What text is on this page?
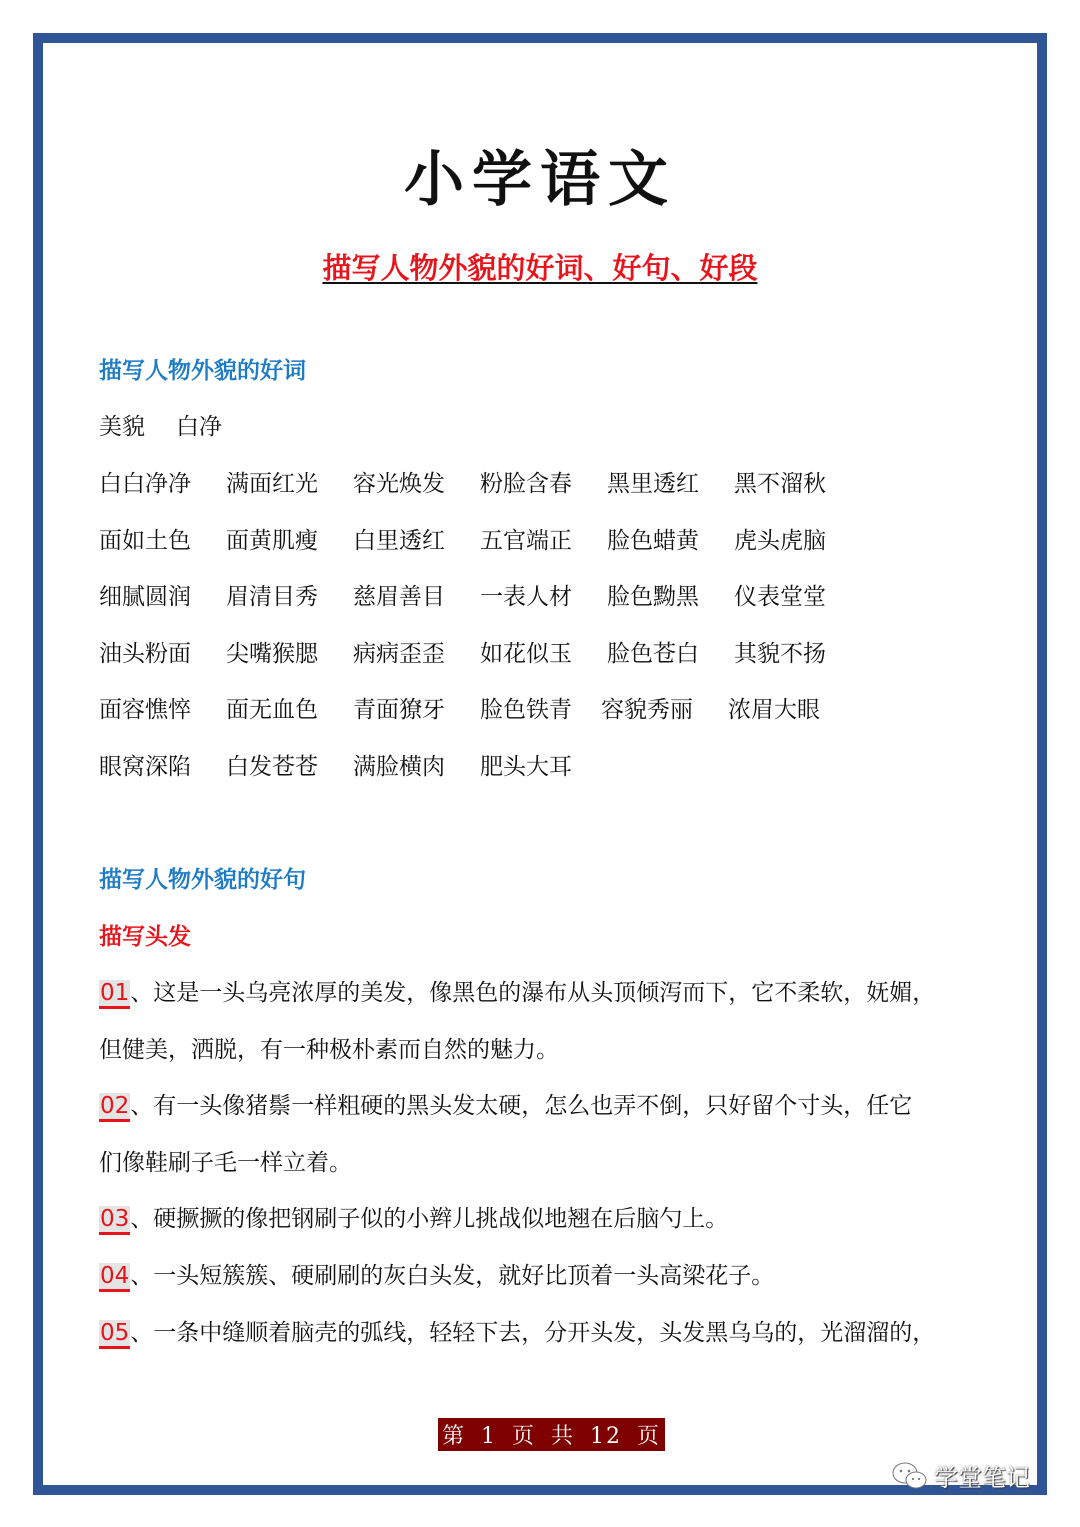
小学语文
描写人物外貌的好词、好句、好段
描写人物外貌的好词
美貌	白净
白白净净	满面红光	容光焕发	粉脸含春	黑里透红	黑不溜秋
面如土色	面黄肌瘦	白里透红	五官端正	脸色蜡黄	虎头虎脑
细腻圆润	眉清目秀	慈眉善目	一表人材	脸色黝黑	仪表堂堂
油头粉面	尖嘴猴腮	病病歪歪	如花似玉	脸色苍白	其貌不扬
面容憔悴	面无血色	青面獠牙	脸色铁青	容貌秀丽	浓眉大眼
眼窝深陷	白发苍苍	满脸横肉	肥头大耳
描写人物外貌的好句
描写头发
01、这是一头乌亮浓厚的美发，像黑色的瀑布从头顶倾泻而下，它不柔软，妩媚，
但健美，洒脱，有一种极朴素而自然的魅力。
02、有一头像猪鬃一样粗硬的黑头发太硬，怎么也弄不倒，只好留个寸头，任它
们像鞋刷子毛一样立着。
03、硬撅撅的像把钢刷子似的小辫儿挑战似地翘在后脑勺上。
04、一头短簇簇、硬刷刷的灰白头发，就好比顶着一头高梁花子。
05、一条中缝顺着脑壳的弧线，轻轻下去，分开头发，头发黑乌乌的，光溜溜的，
第 1 页 共 12 页
学堂笔记
